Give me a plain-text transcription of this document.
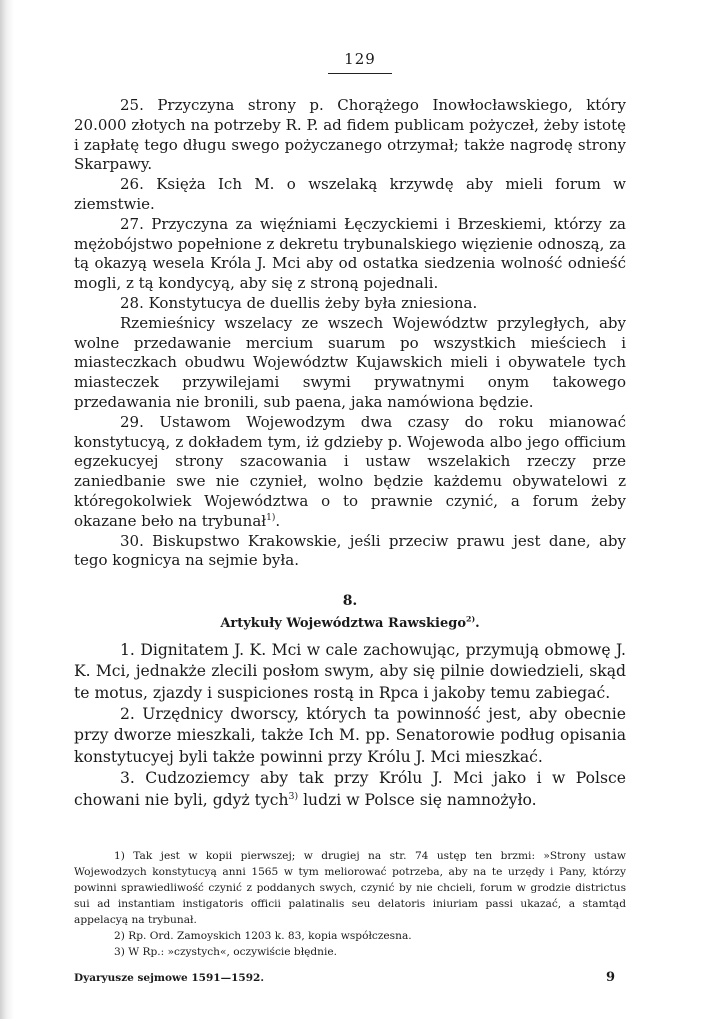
129

25. Przyczyna strony p. Chorążego Inowłocławskiego, który 20.000 złotych na potrzeby R. P. ad fidem publicam pożyczeł, żeby istotę i zapłatę tego długu swego pożyczanego otrzymał; także nagrodę strony Skarpawy.

26. Księża Ich M. o wszelaką krzywdę aby mieli forum w ziemstwie.

27. Przyczyna za więźniami Łęczyckiemi i Brzeskiemi, którzy za mężobójstwo popełnione z dekretu trybunalskiego więzienie odnoszą, za tą okazyą wesela Króla J. Mci aby od ostatka siedzenia wolność odnieść mogli, z tą kondycyą, aby się z stroną pojednali.

28. Konstytucya de duellis żeby była zniesiona.

Rzemieśnicy wszelacy ze wszech Województw przyległych, aby wolne przedawanie mercium suarum po wszystkich mieściech i miasteczkach obudwu Województw Kujawskich mieli i obywatele tych miasteczek przywilejami swymi prywatnymi onym takowego przedawania nie bronili, sub paena, jaka namówiona będzie.

29. Ustawom Wojewodzym dwa czasy do roku mianować konstytucyą, z dokładem tym, iż gdzieby p. Wojewoda albo jego officium egzekucyej strony szacowania i ustaw wszelakich rzeczy prze zaniedbanie swe nie czynieł, wolno będzie każdemu obywatelowi z któregokolwiek Województwa o to prawnie czynić, a forum żeby okazane beło na trybunał$^{1)}$.

30. Biskupstwo Krakowskie, jeśli przeciw prawu jest dane, aby tego kognicya na sejmie była.

8.
Artykuły Województwa Rawskiego$^{2)}$.

1. Dignitatem J. K. Mci w cale zachowując, przymują obmowę J. K. Mci, jednakże zlecili posłom swym, aby się pilnie dowiedzieli, skąd te motus, zjazdy i suspiciones rostą in Rpca i jakoby temu zabiegać.

2. Urzędnicy dworscy, których ta powinność jest, aby obecnie przy dworze mieszkali, także Ich M. pp. Senatorowie podług opisania konstytucyej byli także powinni przy Królu J. Mci mieszkać.

3. Cudzoziemcy aby tak przy Królu J. Mci jako i w Polsce chowani nie byli, gdyż tych$^{3)}$ ludzi w Polsce się namnożyło.

1) Tak jest w kopii pierwszej; w drugiej na str. 74 ustęp ten brzmi: »Strony ustaw Wojewodzych konstytucyą anni 1565 w tym meliorować potrzeba, aby na te urzędy i Pany, którzy powinni sprawiedliwość czynić z poddanych swych, czynić by nie chcieli, forum w grodzie districtus sui ad instantiam instigatoris officii palatinalis seu delatoris iniuriam passi ukazać, a stamtąd appelacyą na trybunał.

2) Rp. Ord. Zamoyskich 1203 k. 83, kopia współczesna.

3) W Rp.: »czystych«, oczywiście błędnie.

Dyaryusze sejmowe 1591—1592.	9
